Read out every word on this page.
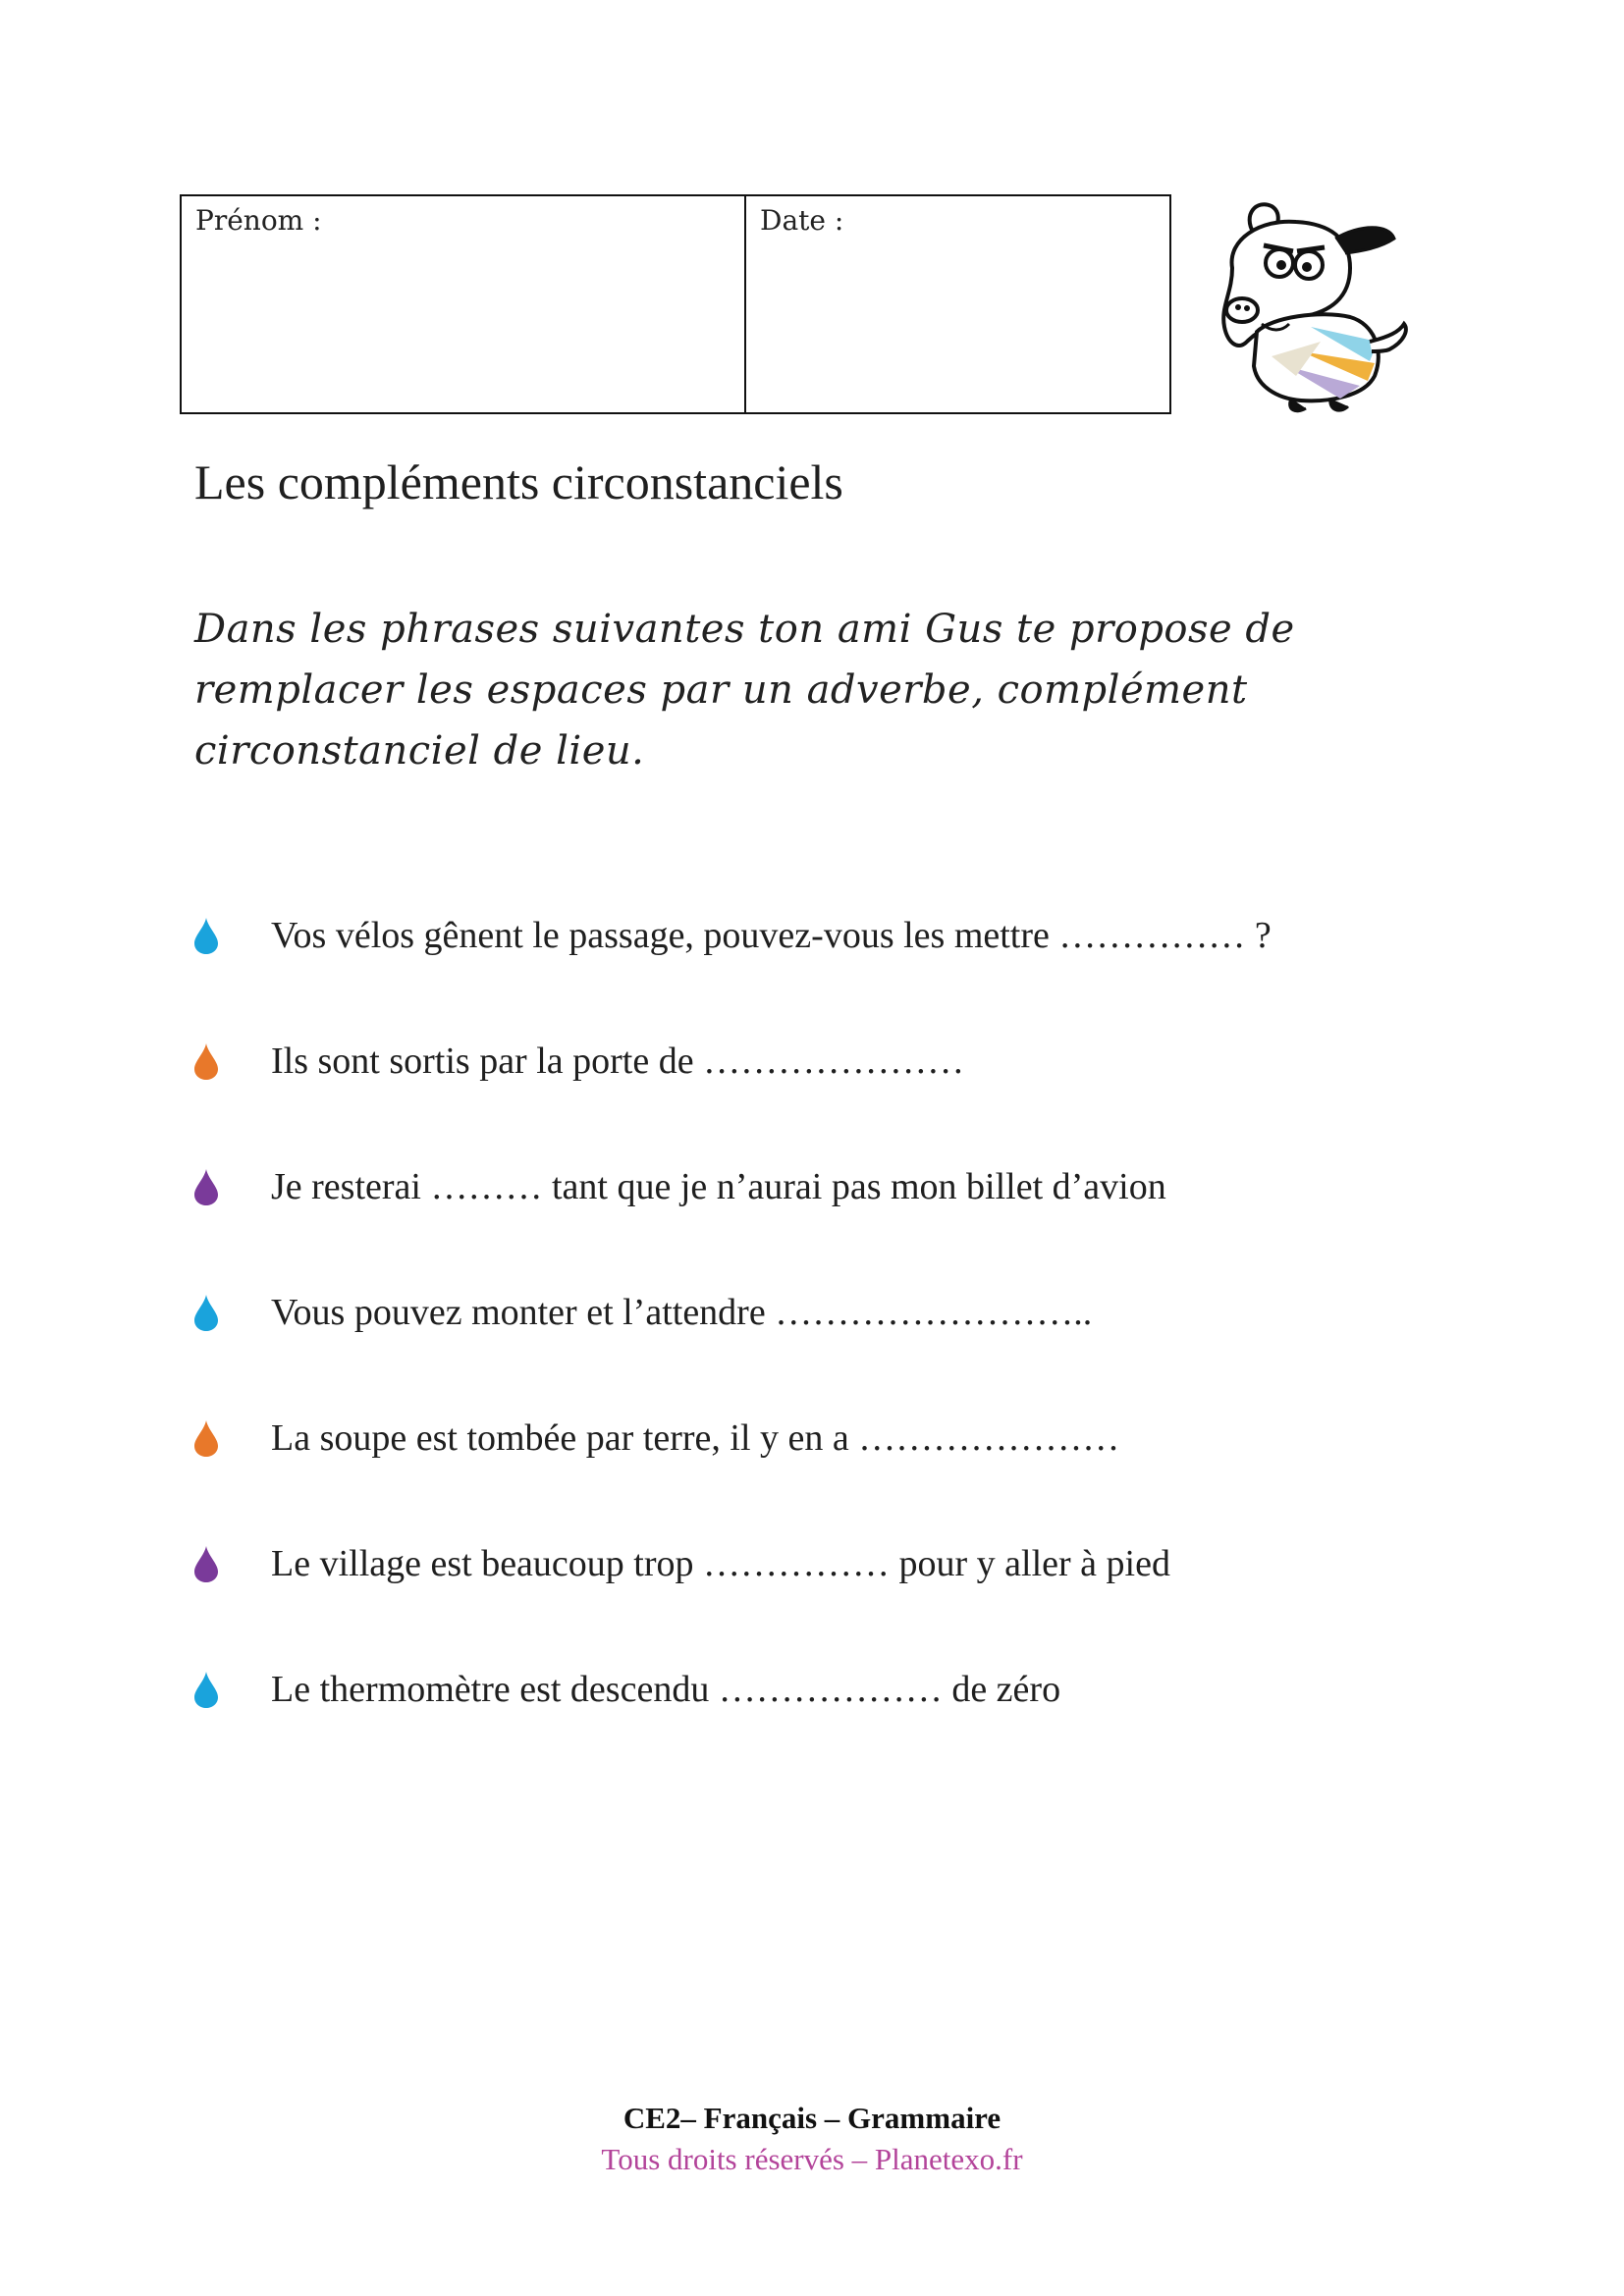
Prénom :	Date :
Les compléments circonstanciels
Dans les phrases suivantes ton ami Gus te propose de remplacer les espaces par un adverbe, complément circonstanciel de lieu.
Vos vélos gênent le passage, pouvez-vous les mettre …………… ?
Ils sont sortis par la porte de …………………
Je resterai ……… tant que je n’aurai pas mon billet d’avion
Vous pouvez monter et l’attendre ……………………..
La soupe est tombée par terre, il y en a …………………
Le village est beaucoup trop …………… pour y aller à pied
Le thermomètre est descendu ……………… de zéro
CE2– Français – Grammaire
Tous droits réservés – Planetexo.fr
